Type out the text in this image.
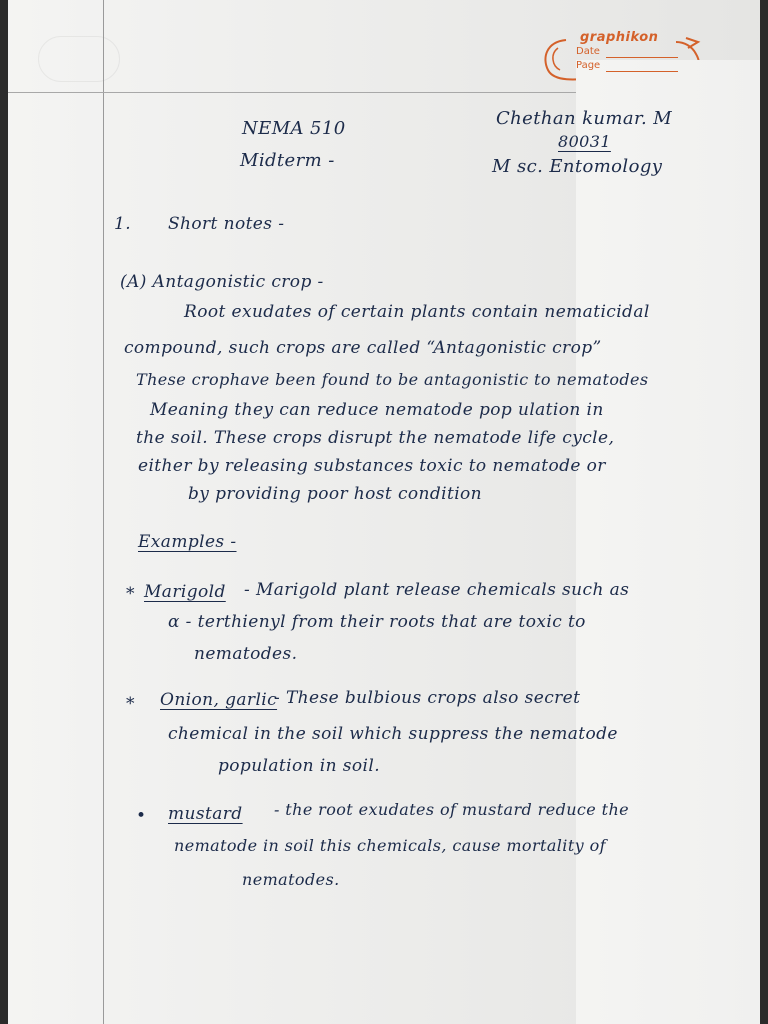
graphikon
Date
Page
NEMA 510
Midterm -
Chethan kumar. M
80031
M sc. Entomology
1. Short notes -
(A) Antagonistic crop -
Root exudates of certain plants contain nematicidal
compound, such crops are called “Antagonistic crop”
These crophave been found to be antagonistic to nematodes
Meaning they can reduce nematode pop ulation in
the soil. These crops disrupt the nematode life cycle,
either by releasing substances toxic to nematode or
by providing poor host condition
Examples -
* Marigold - Marigold plant release chemicals such as
α - terthienyl from their roots that are toxic to
nematodes.
* Onion, garlic
- These bulbious crops also secret
chemical in the soil which suppress the nematode
population in soil.
• mustard - the root exudates of mustard reduce the
nematode in soil this chemicals, cause mortality of
nematodes.
